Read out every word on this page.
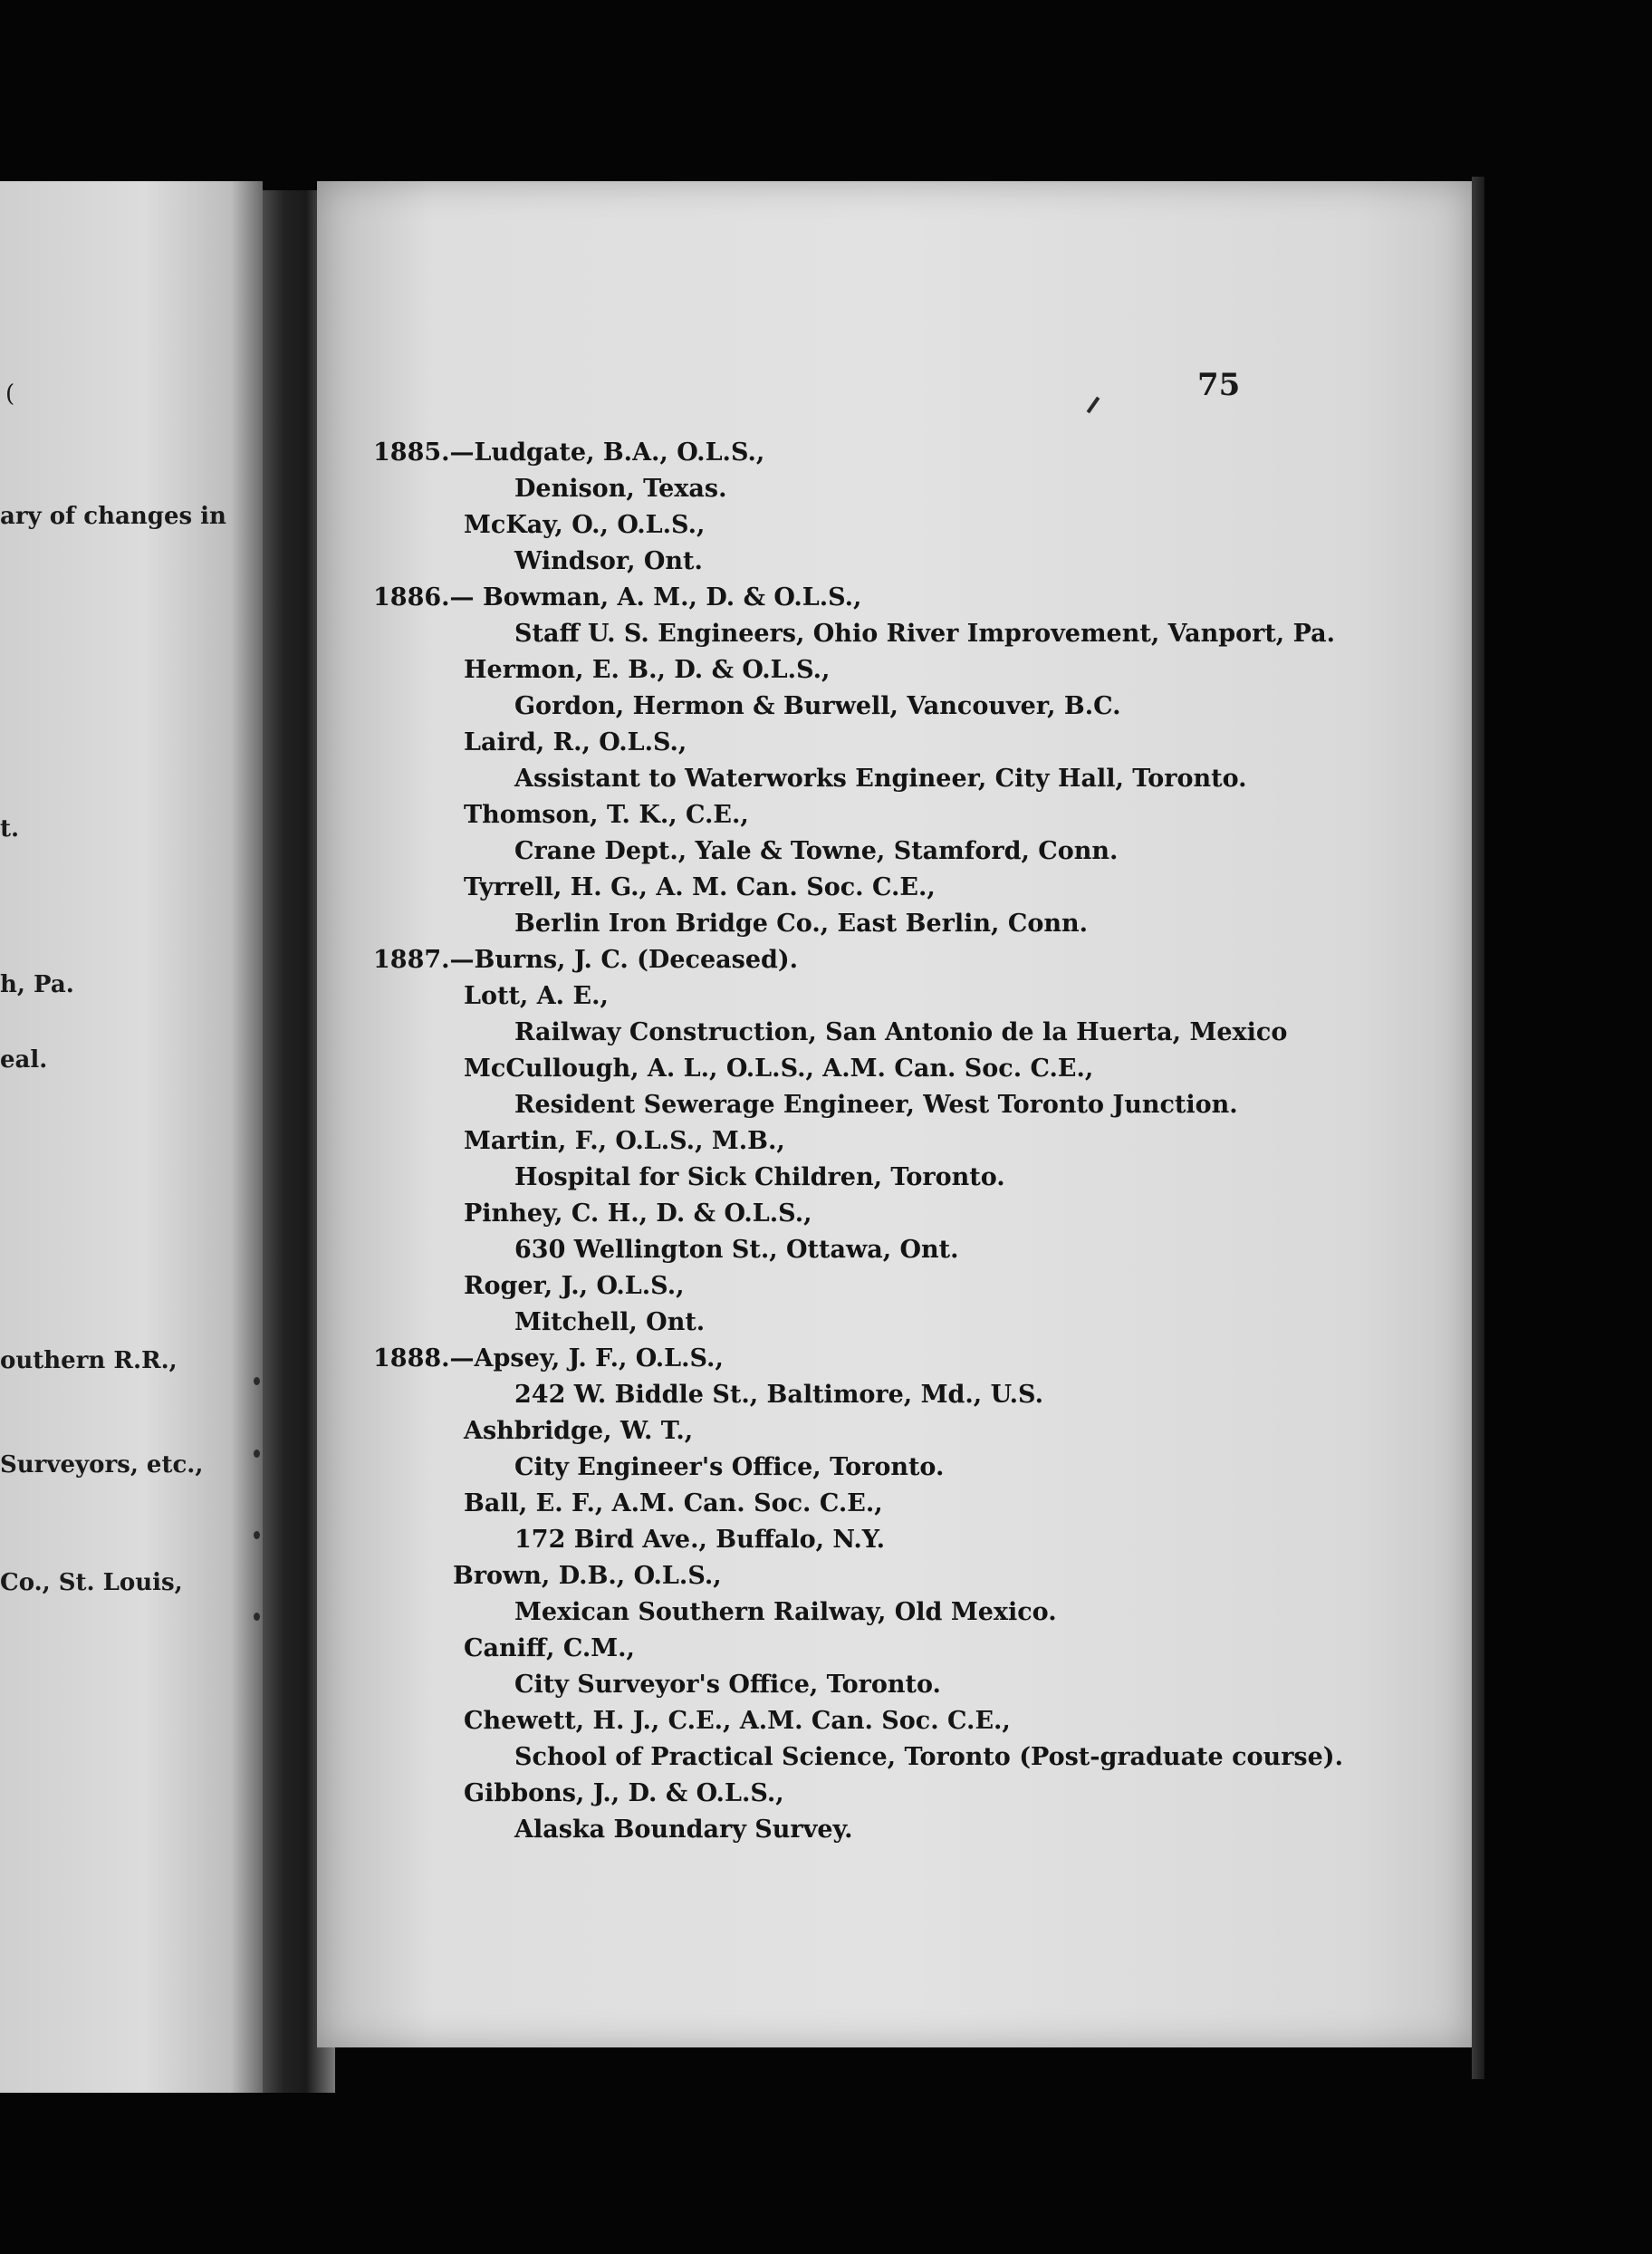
(
ary of changes in
t.
h, Pa.
eal.
outhern R.R.,
Surveyors, etc.,
Co., St. Louis,
75
1885.—Ludgate, B.A., O.L.S.,
Denison, Texas.
McKay, O., O.L.S.,
Windsor, Ont.
1886.— Bowman, A. M., D. & O.L.S.,
Staff U. S. Engineers, Ohio River Improvement, Vanport, Pa.
Hermon, E. B., D. & O.L.S.,
Gordon, Hermon & Burwell, Vancouver, B.C.
Laird, R., O.L.S.,
Assistant to Waterworks Engineer, City Hall, Toronto.
Thomson, T. K., C.E.,
Crane Dept., Yale & Towne, Stamford, Conn.
Tyrrell, H. G., A. M. Can. Soc. C.E.,
Berlin Iron Bridge Co., East Berlin, Conn.
1887.—Burns, J. C. (Deceased).
Lott, A. E.,
Railway Construction, San Antonio de la Huerta, Mexico
McCullough, A. L., O.L.S., A.M. Can. Soc. C.E.,
Resident Sewerage Engineer, West Toronto Junction.
Martin, F., O.L.S., M.B.,
Hospital for Sick Children, Toronto.
Pinhey, C. H., D. & O.L.S.,
630 Wellington St., Ottawa, Ont.
Roger, J., O.L.S.,
Mitchell, Ont.
1888.—Apsey, J. F., O.L.S.,
242 W. Biddle St., Baltimore, Md., U.S.
Ashbridge, W. T.,
City Engineer's Office, Toronto.
Ball, E. F., A.M. Can. Soc. C.E.,
172 Bird Ave., Buffalo, N.Y.
Brown, D.B., O.L.S.,
Mexican Southern Railway, Old Mexico.
Caniff, C.M.,
City Surveyor's Office, Toronto.
Chewett, H. J., C.E., A.M. Can. Soc. C.E.,
School of Practical Science, Toronto (Post-graduate course).
Gibbons, J., D. & O.L.S.,
Alaska Boundary Survey.
